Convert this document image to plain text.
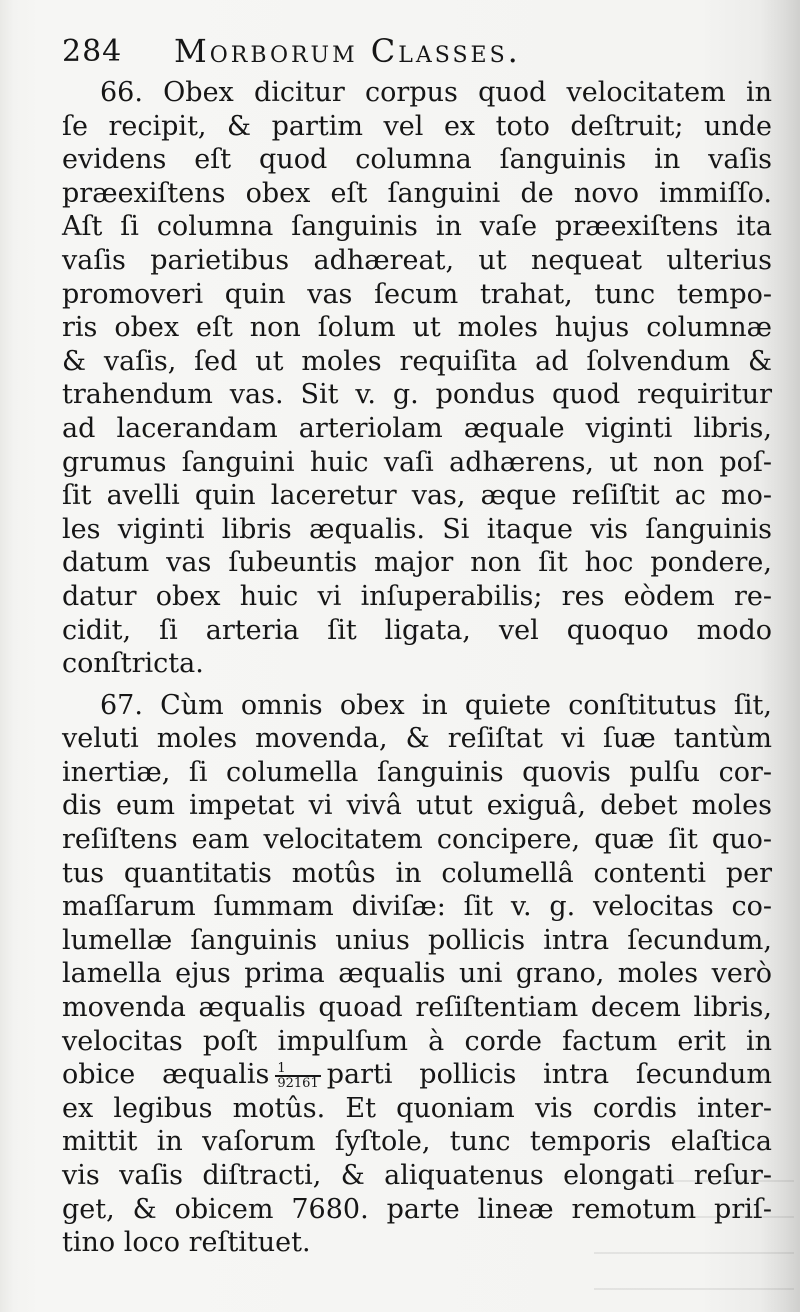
284 Morborum Classes.
66. Obex dicitur corpus quod velocitatem in
ſe recipit, & partim vel ex toto deſtruit; unde
evidens eſt quod columna ſanguinis in vaſis
præexiſtens obex eſt ſanguini de novo immiſſo.
Aſt ſi columna ſanguinis in vaſe præexiſtens ita
vaſis parietibus adhæreat, ut nequeat ulterius
promoveri quin vas ſecum trahat, tunc tempo-
ris obex eſt non ſolum ut moles hujus columnæ
& vaſis, ſed ut moles requiſita ad ſolvendum &
trahendum vas. Sit v. g. pondus quod requiritur
ad lacerandam arteriolam æquale viginti libris,
grumus ſanguini huic vaſi adhærens, ut non poſ-
ſit avelli quin laceretur vas, æque reſiſtit ac mo-
les viginti libris æqualis. Si itaque vis ſanguinis
datum vas ſubeuntis major non ſit hoc pondere,
datur obex huic vi inſuperabilis; res eòdem re-
cidit, ſi arteria ſit ligata, vel quoquo modo
conſtricta.
67. Cùm omnis obex in quiete conſtitutus ſit,
veluti moles movenda, & reſiſtat vi ſuæ tantùm
inertiæ, ſi columella ſanguinis quovis pulſu cor-
dis eum impetat vi vivâ utut exiguâ, debet moles
reſiſtens eam velocitatem concipere, quæ ſit quo-
tus quantitatis motûs in columellâ contenti per
maſſarum ſummam diviſæ: ſit v. g. velocitas co-
lumellæ ſanguinis unius pollicis intra ſecundum,
lamella ejus prima æqualis uni grano, moles verò
movenda æqualis quoad reſiſtentiam decem libris,
velocitas poſt impulſum à corde factum erit in
obice æqualis $\frac{1}{92161}$ parti pollicis intra ſecundum
ex legibus motûs. Et quoniam vis cordis inter-
mittit in vaſorum ſyſtole, tunc temporis elaſtica
vis vaſis diſtracti, & aliquatenus elongati reſur-
get, & obicem 7680. parte lineæ remotum priſ-
tino loco reſtituet.
